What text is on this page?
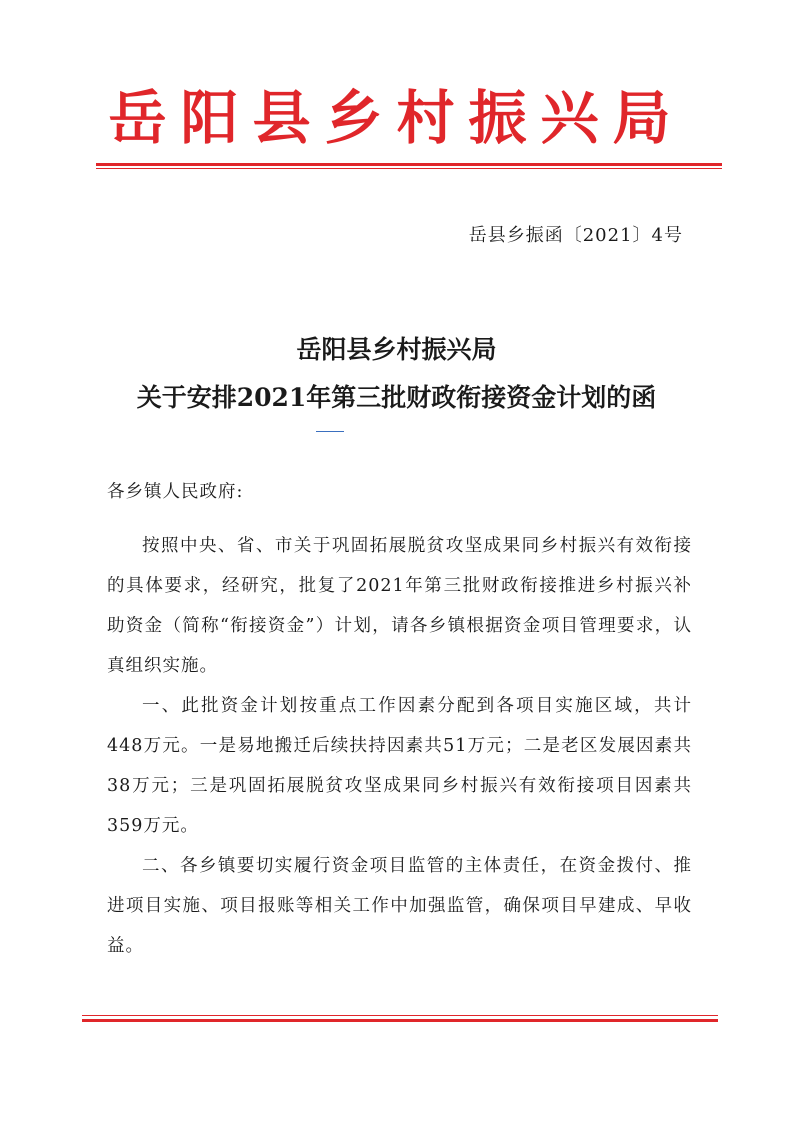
岳阳县乡村振兴局
岳县乡振函〔2021〕4号
岳阳县乡村振兴局
关于安排2021年第三批财政衔接资金计划的函
各乡镇人民政府:
按照中央、省、市关于巩固拓展脱贫攻坚成果同乡村振兴有效衔接的具体要求，经研究，批复了2021年第三批财政衔接推进乡村振兴补助资金（简称“衔接资金”）计划，请各乡镇根据资金项目管理要求，认真组织实施。
一、此批资金计划按重点工作因素分配到各项目实施区域，共计448万元。一是易地搬迁后续扶持因素共51万元；二是老区发展因素共38万元；三是巩固拓展脱贫攻坚成果同乡村振兴有效衔接项目因素共359万元。
二、各乡镇要切实履行资金项目监管的主体责任，在资金拨付、推进项目实施、项目报账等相关工作中加强监管，确保项目早建成、早收益。
